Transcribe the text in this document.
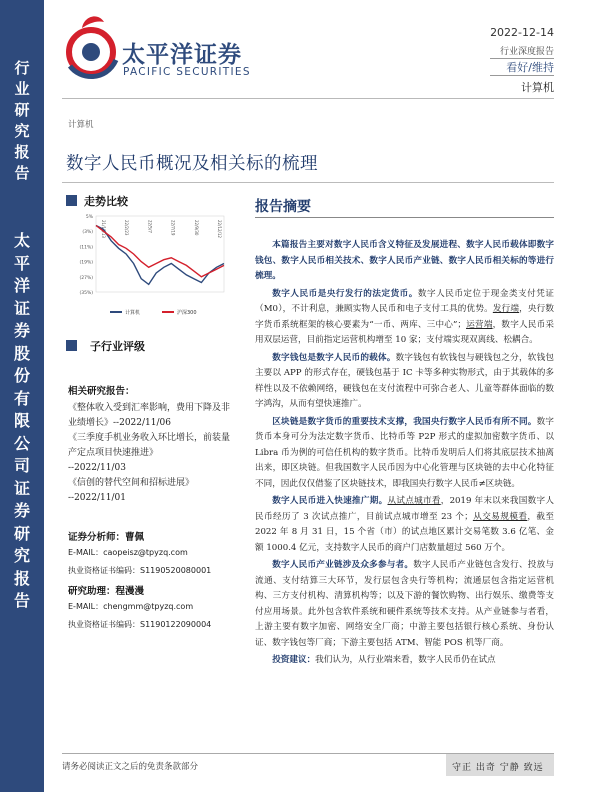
行
业
研
究
报
告
太
平
洋
证
券
股
份
有
限
公
司
证
券
研
究
报
告
太平洋证券
PACIFIC SECURITIES
2022-12-14
行业深度报告
看好/维持
计算机
计算机
数字人民币概况及相关标的梳理
走势比较
5%
(3%)
(11%)
(19%)
(27%)
(35%)
21/12/13	22/2/23	22/5/7	22/7/19	22/9/30	22/12/12
计算机	沪深300
子行业评级
相关研究报告：
《整体收入受到汇率影响，费用下降及非业绩增长》--2022/11/06
《三季度手机业务收入环比增长，前装量产定点项目快速推进》
--2022/11/03
《信创的替代空间和招标进展》
--2022/11/01
证券分析师：曹佩
E-MAIL：caopeisz@tpyzq.com
执业资格证书编码：S1190520080001
研究助理：程漫漫
E-MAIL：chengmm@tpyzq.com
执业资格证书编码：S1190122090004
报告摘要

本篇报告主要对数字人民币含义特征及发展进程、数字人民币载体即数字钱包、数字人民币相关技术、数字人民币产业链、数字人民币相关标的等进行梳理。

数字人民币是央行发行的法定货币。数字人民币定位于现金类支付凭证（M0），不计利息，兼顾实物人民币和电子支付工具的优势。发行端，央行数字货币系统框架的核心要素为“一币、两库、三中心”；运营端，数字人民币采用双层运营，目前指定运营机构增至 10 家；支付端实现双离线、松耦合。

数字钱包是数字人民币的载体。数字钱包有软钱包与硬钱包之分，软钱包主要以 APP 的形式存在，硬钱包基于 IC 卡等多种实物形式，由于其载体的多样性以及不依赖网络，硬钱包在支付流程中可弥合老人、儿童等群体面临的数字鸿沟，从而有望快速推广。

区块链是数字货币的重要技术支撑，我国央行数字人民币有所不同。数字货币本身可分为法定数字货币、比特币等 P2P 形式的虚拟加密数字货币、以 Libra 币为例的可信任机构的数字货币。比特币发明后人们将其底层技术抽离出来，即区块链。但我国数字人民币因为中心化管理与区块链的去中心化特征不同，因此仅仅借鉴了区块链技术，即我国央行数字人民币≠区块链。

数字人民币进入快速推广期。从试点城市看，2019 年末以来我国数字人民币经历了 3 次试点推广，目前试点城市增至 23 个；从交易规模看，截至 2022 年 8 月 31 日，15 个省（市）的试点地区累计交易笔数 3.6 亿笔、金额 1000.4 亿元，支持数字人民币的商户门店数量超过 560 万个。

数字人民币产业链涉及众多参与者。数字人民币产业链包含发行、投放与流通、支付结算三大环节，发行层包含央行等机构；流通层包含指定运营机构、三方支付机构、清算机构等；以及下游的餐饮购物、出行娱乐、缴费等支付应用场景。此外包含软件系统和硬件系统等技术支持。从产业链参与者看，上游主要有数字加密、网络安全厂商；中游主要包括银行核心系统、身份认证、数字钱包等厂商；下游主要包括 ATM、智能 POS 机等厂商。

投资建议：我们认为，从行业端来看，数字人民币仍在试点

请务必阅读正文之后的免责条款部分	守正 出奇 宁静 致远
